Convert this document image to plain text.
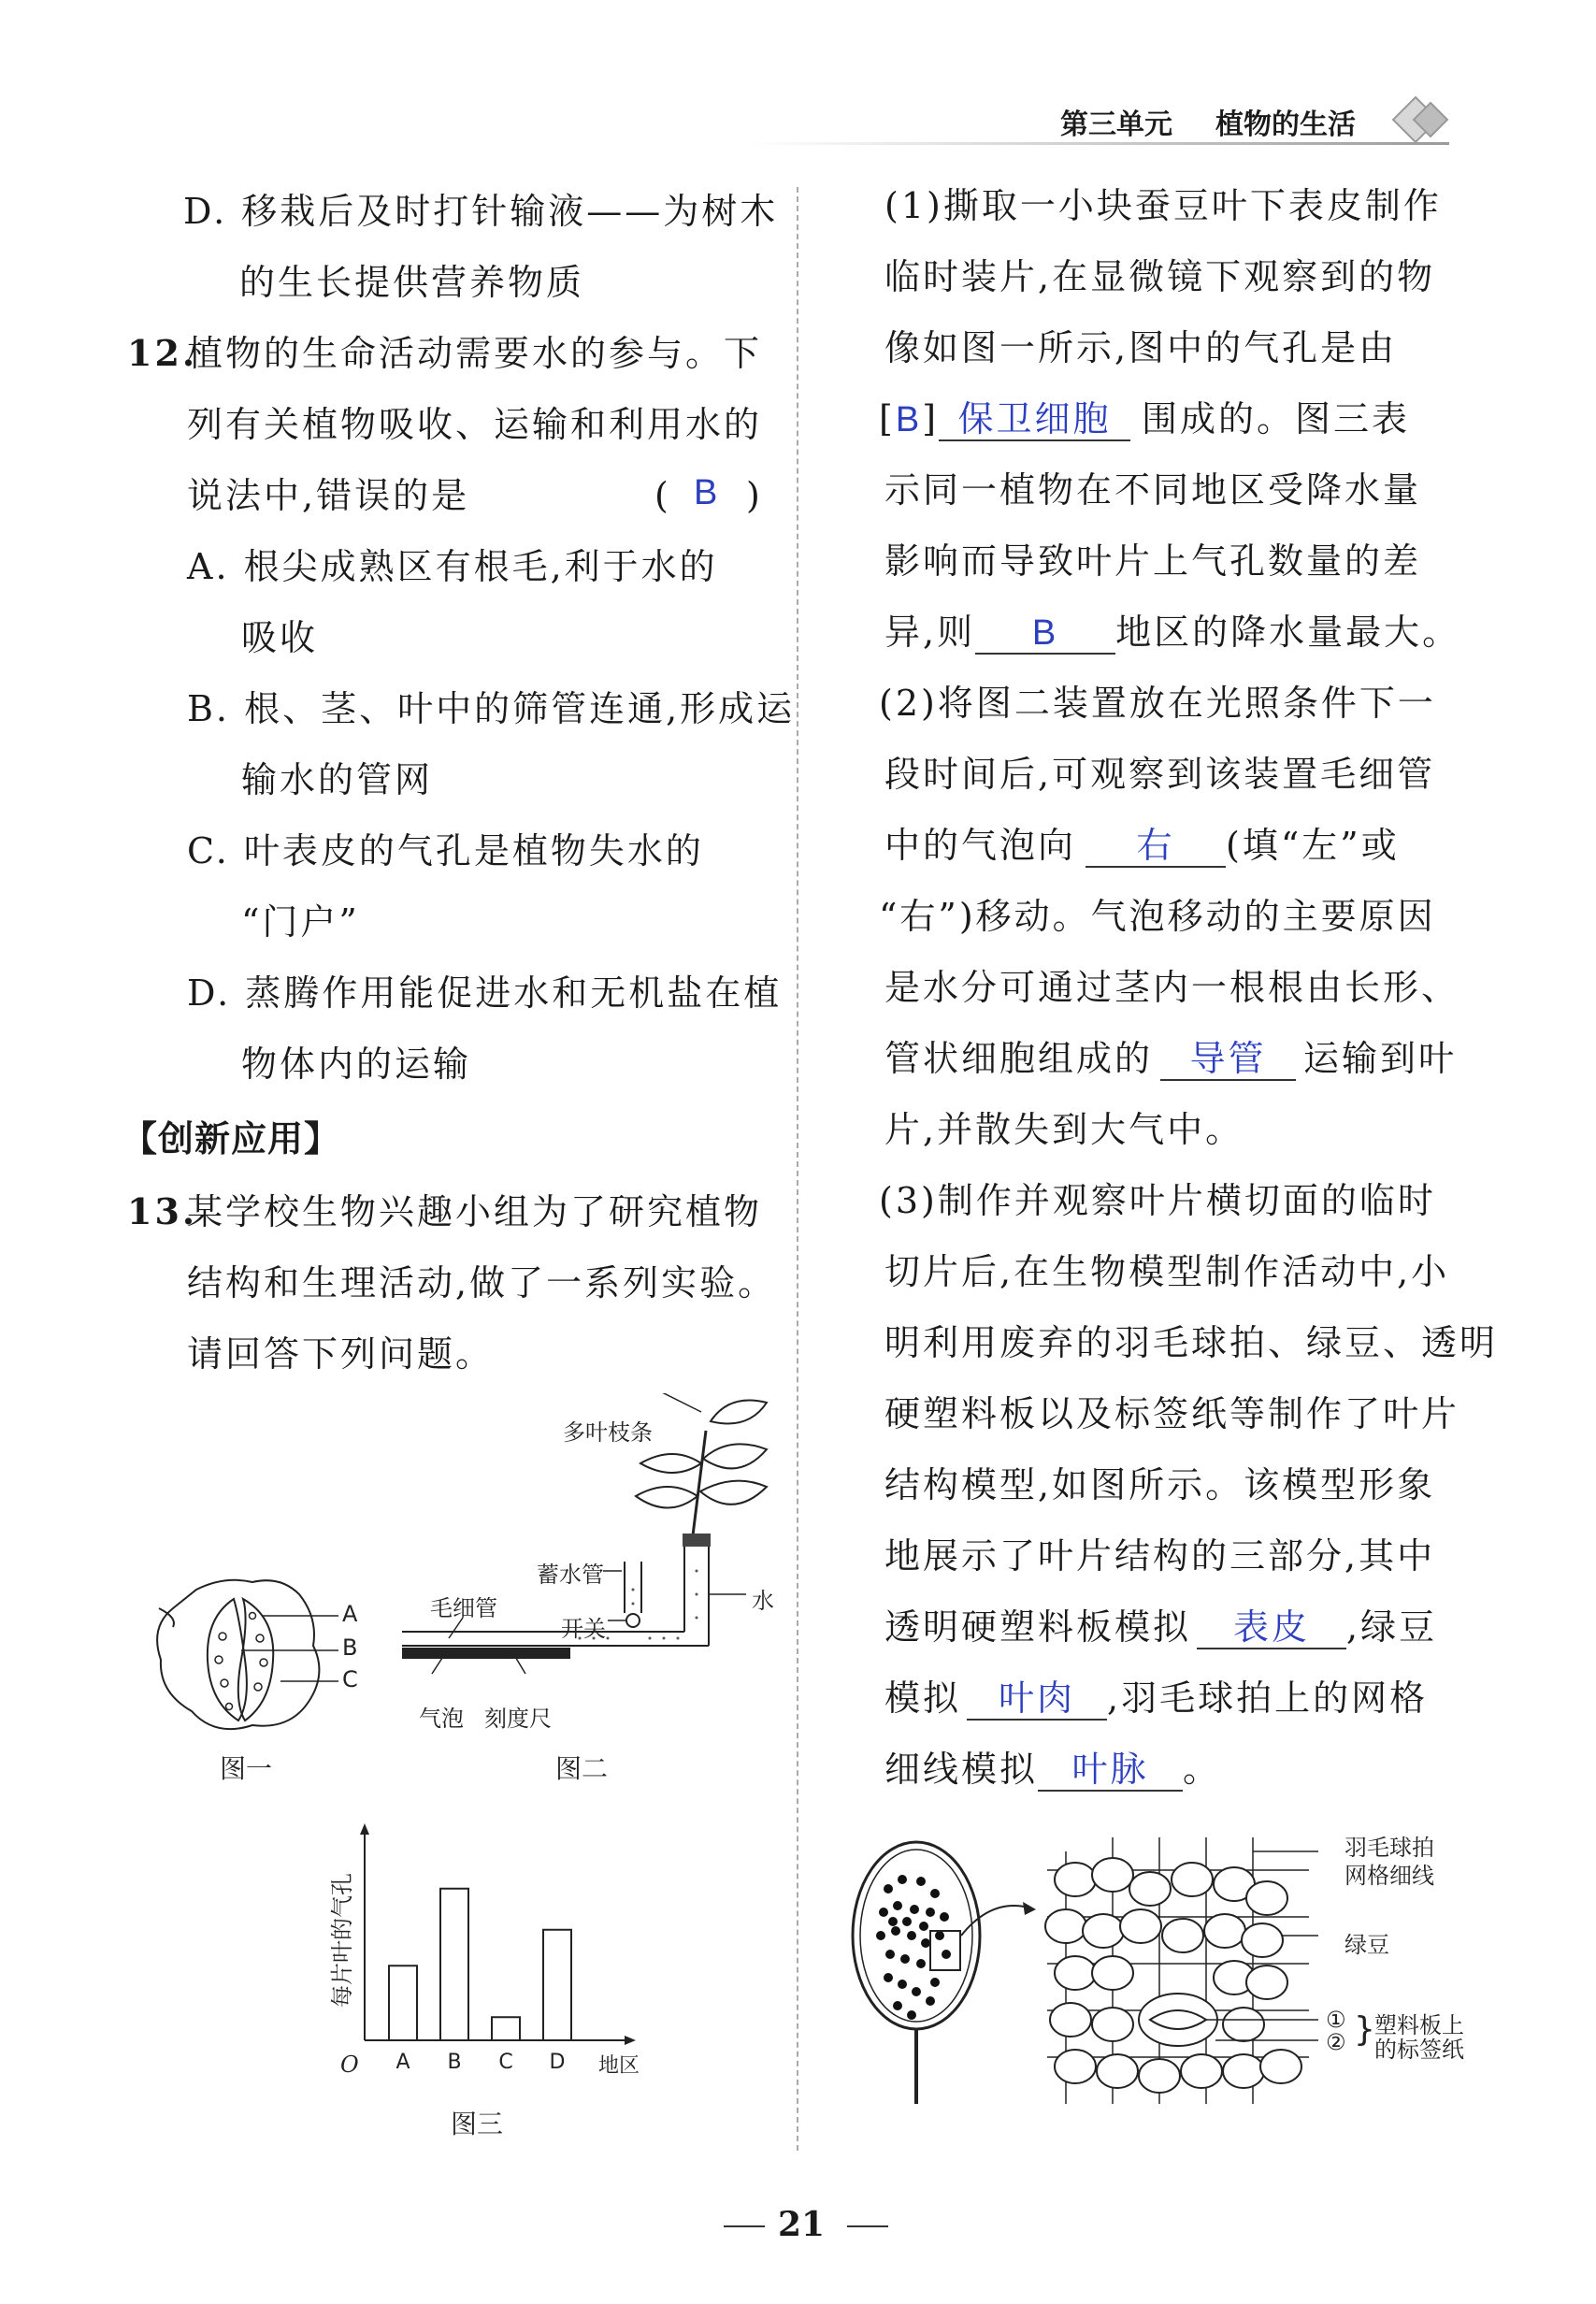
第三单元 植物的生活
D. 移栽后及时打针输液——为树木
的生长提供营养物质
12.
植物的生命活动需要水的参与。下
列有关植物吸收、运输和利用水的
说法中,错误的是	( B )
A. 根尖成熟区有根毛,利于水的
吸收
B. 根、茎、叶中的筛管连通,形成运
输水的管网
C. 叶表皮的气孔是植物失水的
“门户”
D. 蒸腾作用能促进水和无机盐在植
物体内的运输
【创新应用】
13.
某学校生物兴趣小组为了研究植物
结构和生理活动,做了一系列实验。
请回答下列问题。
A
B
C
图一
多叶枝条
蓄水管
毛细管
开关
水
气泡 刻度尺
图二
每片叶的气孔
O	地区
A B C D
图三
(1)撕取一小块蚕豆叶下表皮制作
临时装片,在显微镜下观察到的物
像如图一所示,图中的气孔是由
[B] 保卫细胞 围成的。图三表
示同一植物在不同地区受降水量
影响而导致叶片上气孔数量的差
异,则 B 地区的降水量最大。
(2)将图二装置放在光照条件下一
段时间后,可观察到该装置毛细管
中的气泡向 右 (填“左”或
“右”)移动。气泡移动的主要原因
是水分可通过茎内一根根由长形、
管状细胞组成的 导管 运输到叶
片,并散失到大气中。
(3)制作并观察叶片横切面的临时
切片后,在生物模型制作活动中,小
明利用废弃的羽毛球拍、绿豆、透明
硬塑料板以及标签纸等制作了叶片
结构模型,如图所示。该模型形象
地展示了叶片结构的三部分,其中
透明硬塑料板模拟 表皮 ,绿豆
模拟 叶肉 ,羽毛球拍上的网格
细线模拟 叶脉 。
羽毛球拍
网格细线
绿豆
①
② } 塑料板上
的标签纸
21
